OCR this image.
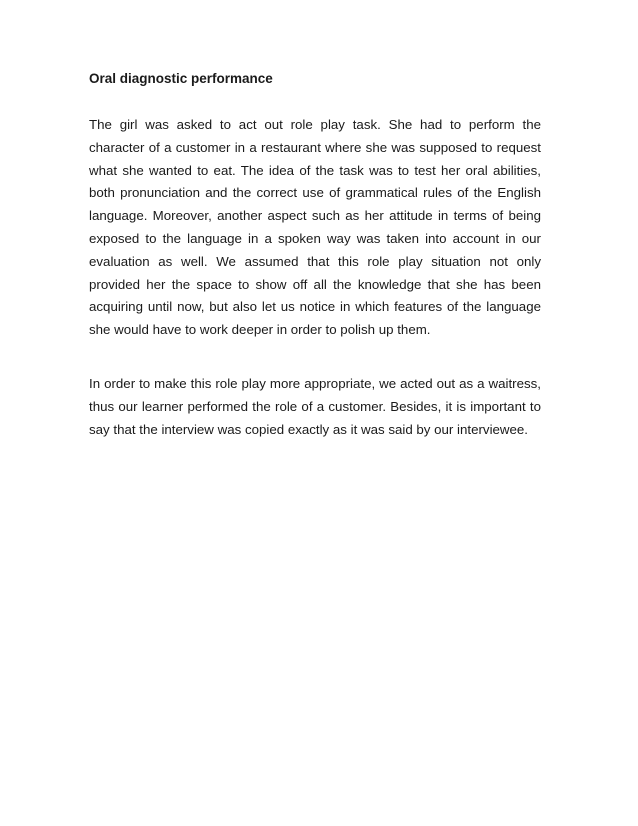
Oral diagnostic performance

The girl was asked to act out role play task. She had to perform the character of a customer in a restaurant where she was supposed to request what she wanted to eat. The idea of the task was to test her oral abilities, both pronunciation and the correct use of grammatical rules of the English language. Moreover, another aspect such as her attitude in terms of being exposed to the language in a spoken way was taken into account in our evaluation as well. We assumed that this role play situation not only provided her the space to show off all the knowledge that she has been acquiring until now, but also let us notice in which features of the language she would have to work deeper in order to polish up them.

In order to make this role play more appropriate, we acted out as a waitress, thus our learner performed the role of a customer. Besides, it is important to say that the interview was copied exactly as it was said by our interviewee.
